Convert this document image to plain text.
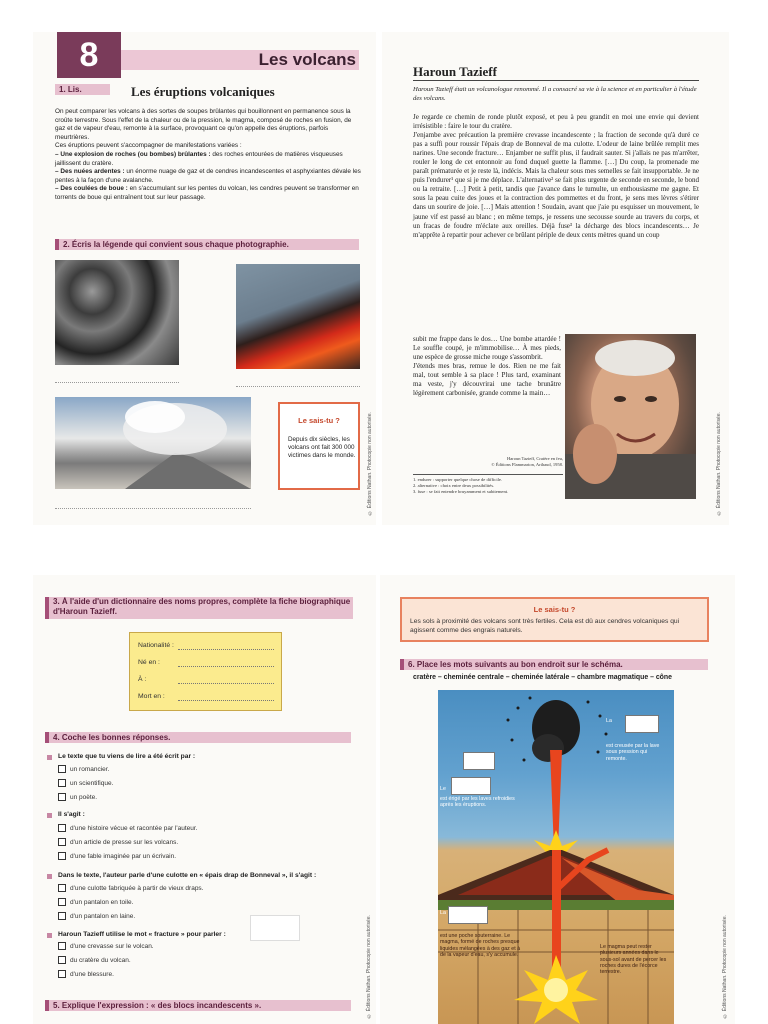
8	Les volcans
1. Lis.	Les éruptions volcaniques
On peut comparer les volcans à des sortes de soupes brûlantes qui bouillonnent en permanence sous la croûte terrestre. Sous l'effet de la chaleur ou de la pression, le magma, composé de roches en fusion, de gaz et de vapeur d'eau, remonte à la surface, provoquant ce qu'on appelle des éruptions, parfois meurtrières.
Ces éruptions peuvent s'accompagner de manifestations variées :
– Une explosion de roches (ou bombes) brûlantes : des roches entourées de matières visqueuses jaillissent du cratère.
– Des nuées ardentes : un énorme nuage de gaz et de cendres incandescentes et asphyxiantes dévale les pentes à la façon d'une avalanche.
– Des coulées de boue : en s'accumulant sur les pentes du volcan, les cendres peuvent se transformer en torrents de boue qui entraînent tout sur leur passage.
2. Écris la légende qui convient sous chaque photographie.
Le sais-tu ?
Depuis dix siècles, les volcans ont fait 300 000 victimes dans le monde.	© Éditions Nathan. Photocopie non autorisée.
Haroun Tazieff
Haroun Tazieff était un volcanologue renommé. Il a consacré sa vie à la science et en particulier à l'étude des volcans.
Je regarde ce chemin de ronde plutôt exposé, et peu à peu grandit en moi une envie qui devient irrésistible : faire le tour du cratère.
J'enjambe avec précaution la première crevasse incandescente ; la fraction de seconde qu'à duré ce pas a suffi pour roussir l'épais drap de Bonneval de ma culotte. L'odeur de laine brûlée remplit mes narines. Une seconde fracture… Enjamber ne suffit plus, il faudrait sauter. Si j'allais ne pas m'arrêter, rouler le long de cet entonnoir au fond duquel guette la flamme. […] Du coup, la promenade me paraît prématurée et je reste là, indécis. Mais la chaleur sous mes semelles se fait insupportable. Je ne puis l'endurer¹ que si je me déplace. L'alternative² se fait plus urgente de seconde en seconde, le bond ou la retraite. […] Petit à petit, tandis que j'avance dans le tumulte, un enthousiasme me gagne. Et sous la peau cuite des joues et la contraction des pommettes et du front, je sens mes lèvres s'étirer dans un sourire de joie. […] Mais attention ! Soudain, avant que j'aie pu esquisser un mouvement, le jaune vif est passé au blanc ; en même temps, je ressens une secousse sourde au travers du corps, et un fracas de foudre m'éclate aux oreilles. Déjà fuse³ la décharge des blocs incandescents… Je m'apprête à repartir pour achever ce brûlant périple de deux cents mètres quand un coup
subit me frappe dans le dos… Une bombe attardée ! Le souffle coupé, je m'immobilise… À mes pieds, une espèce de grosse miche rouge s'assombrit.
J'étends mes bras, remue le dos. Rien ne me fait mal, tout semble à sa place ! Plus tard, examinant ma veste, j'y découvrirai une tache brunâtre légèrement carbonisée, grande comme la main…
Haroun Tazieff, Cratère en feu,
© Éditions Flammarion, Arthaud, 1958.
1. endurer : supporter quelque chose de difficile.
2. alternative : choix entre deux possibilités.
3. fuse : se fait entendre bruyamment et subitement.	© Éditions Nathan. Photocopie non autorisée.
3. À l'aide d'un dictionnaire des noms propres, complète la fiche biographique d'Haroun Tazieff.
Nationalité :
Né en :
À :
Mort en :
4. Coche les bonnes réponses.
Le texte que tu viens de lire a été écrit par :
un romancier.
un scientifique.
un poète.
Il s'agit :
d'une histoire vécue et racontée par l'auteur.
d'un article de presse sur les volcans.
d'une fable imaginée par un écrivain.
Dans le texte, l'auteur parle d'une culotte en « épais drap de Bonneval », il s'agit :
d'une culotte fabriquée à partir de vieux draps.
d'un pantalon en toile.
d'un pantalon en laine.
Haroun Tazieff utilise le mot « fracture » pour parler :
d'une crevasse sur le volcan.
du cratère du volcan.
d'une blessure.
5. Explique l'expression : « des blocs incandescents ».	© Éditions Nathan. Photocopie non autorisée.
Le sais-tu ?
Les sols à proximité des volcans sont très fertiles. Cela est dû aux cendres volcaniques qui agissent comme des engrais naturels.
6. Place les mots suivants au bon endroit sur le schéma.
cratère – cheminée centrale – cheminée latérale – chambre magmatique – cône
La
est creusée par la lave sous pression qui remonte.
Le
est érigé par les laves refroidies après les éruptions.
La
est une poche souterraine. Le magma, formé de roches presque liquides mélangées à des gaz et à de la vapeur d'eau, s'y accumule.
Le magma peut rester plusieurs années dans le sous-sol avant de percer les roches dures de l'écorce terrestre.	© Éditions Nathan. Photocopie non autorisée.
